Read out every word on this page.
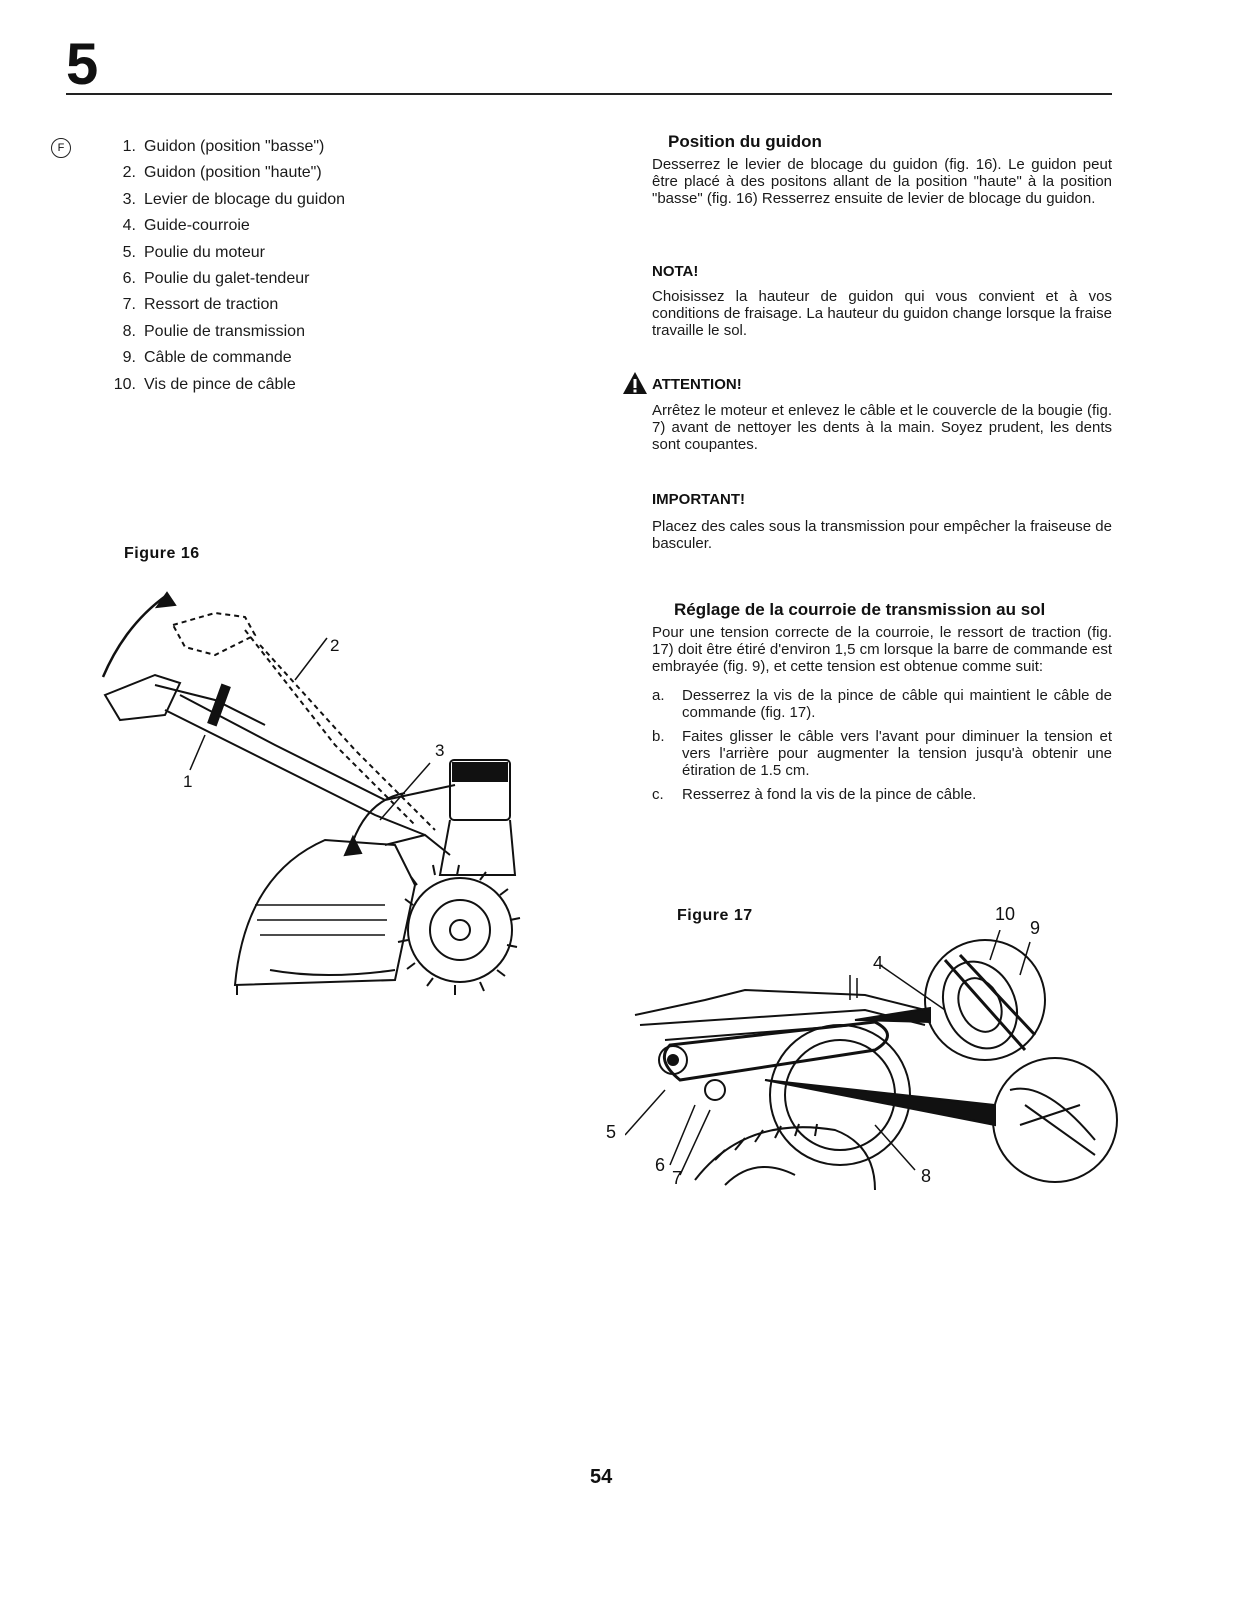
5
F	1. Guidon (position "basse")
2. Guidon (position "haute")
3. Levier de blocage du guidon
4. Guide-courroie
5. Poulie du moteur
6. Poulie du galet-tendeur
7. Ressort de traction
8. Poulie de transmission
9. Câble de commande
10. Vis de pince de câble
Figure 16
2
3
1
Position du guidon

Desserrez le levier de blocage du guidon (fig. 16). Le guidon peut être placé à des positons allant de la position "haute" à la position "basse" (fig. 16) Resserrez ensuite de levier de blocage du guidon.

NOTA!

Choisissez la hauteur de guidon qui vous convient et à vos conditions de fraisage. La hauteur du guidon change lorsque la fraise travaille le sol.

ATTENTION!

Arrêtez le moteur et enlevez le câble et le couvercle de la bougie (fig. 7) avant de nettoyer les dents à la main. Soyez prudent, les dents sont coupantes.

IMPORTANT!

Placez des cales sous la transmission pour empêcher la fraiseuse de basculer.

Réglage de la courroie de transmission au sol

Pour une tension correcte de la courroie, le ressort de traction (fig. 17) doit être étiré d'environ 1,5 cm lorsque la barre de commande est embrayée (fig. 9), et cette tension est obtenue comme suit:

a.	Desserrez la vis de la pince de câble qui maintient le câble de commande (fig. 17).
b.	Faites glisser le câble vers l'avant pour diminuer la tension et vers l'arrière pour augmenter la tension jusqu'à obtenir une étiration de 1.5 cm.
c.	Resserrez à fond la vis de la pince de câble.
Figure 17	10
9
4
5
6
7	8
54
